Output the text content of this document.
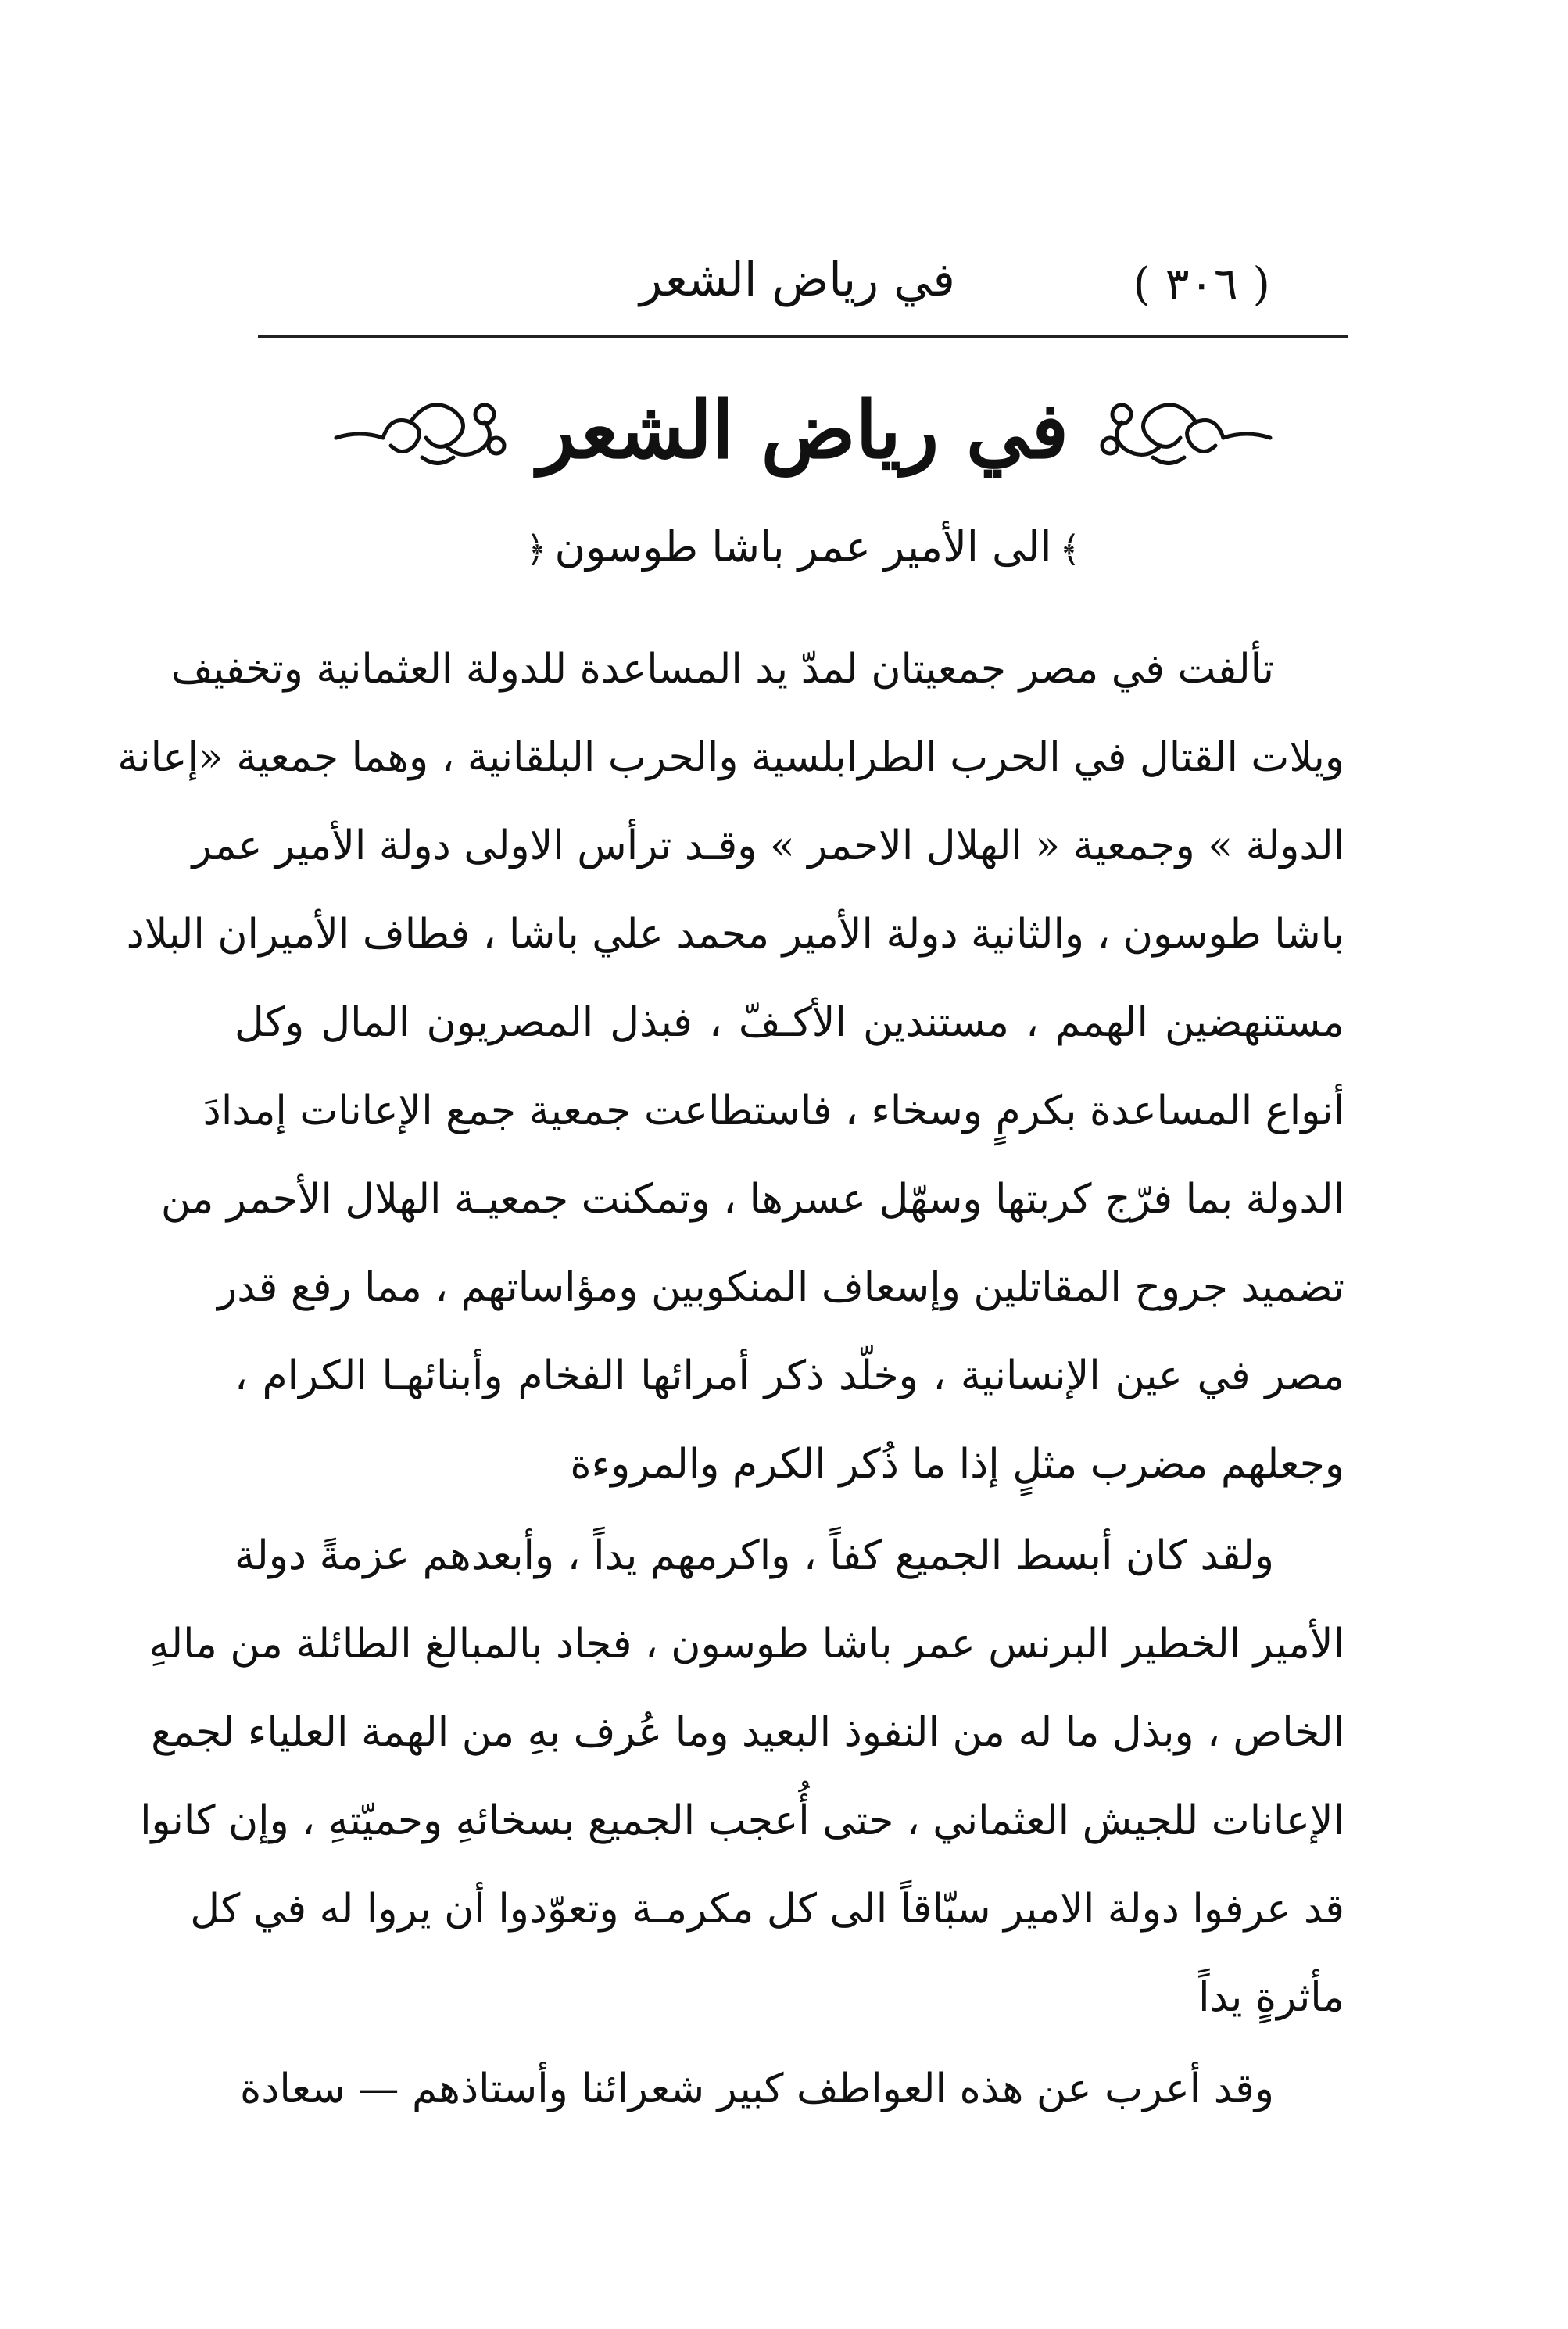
( ٣٠٦ )
في رياض الشعر
في رياض الشعر
﴾الى الأمير عمر باشا طوسون﴿

تألفت في مصر جمعيتان لمدّ يد المساعدة للدولة العثمانية وتخفيف
ويلات القتال في الحرب الطرابلسية والحرب البلقانية ، وهما جمعية «إعانة
الدولة » وجمعية « الهلال الاحمر » وقـد ترأس الاولى دولة الأمير عمر
باشا طوسون ، والثانية دولة الأمير محمد علي باشا ، فطاف الأميران البلاد
مستنهضين الهمم ، مستندين الأكـفّ ، فبذل المصريون المال وكل
أنواع المساعدة بكرمٍ وسخاء ، فاستطاعت جمعية جمع الإعانات إمدادَ
الدولة بما فرّج كربتها وسهّل عسرها ، وتمكنت جمعيـة الهلال الأحمر من
تضميد جروح المقاتلين وإسعاف المنكوبين ومؤاساتهم ، مما رفع قدر
مصر في عين الإنسانية ، وخلّد ذكر أمرائها الفخام وأبنائهـا الكرام ،
وجعلهم مضرب مثلٍ إذا ما ذُكر الكرم والمروءة

ولقد كان أبسط الجميع كفاً ، واكرمهم يداً ، وأبعدهم عزمةً دولة
الأمير الخطير البرنس عمر باشا طوسون ، فجاد بالمبالغ الطائلة من مالهِ
الخاص ، وبذل ما له من النفوذ البعيد وما عُرف بهِ من الهمة العلياء لجمع
الإعانات للجيش العثماني ، حتى أُعجب الجميع بسخائهِ وحميّتهِ ، وإن كانوا
قد عرفوا دولة الامير سبّاقاً الى كل مكرمـة وتعوّدوا أن يروا له في كل
مأثرةٍ يداً

وقد أعرب عن هذه العواطف كبير شعرائنا وأستاذهم — سعادة
